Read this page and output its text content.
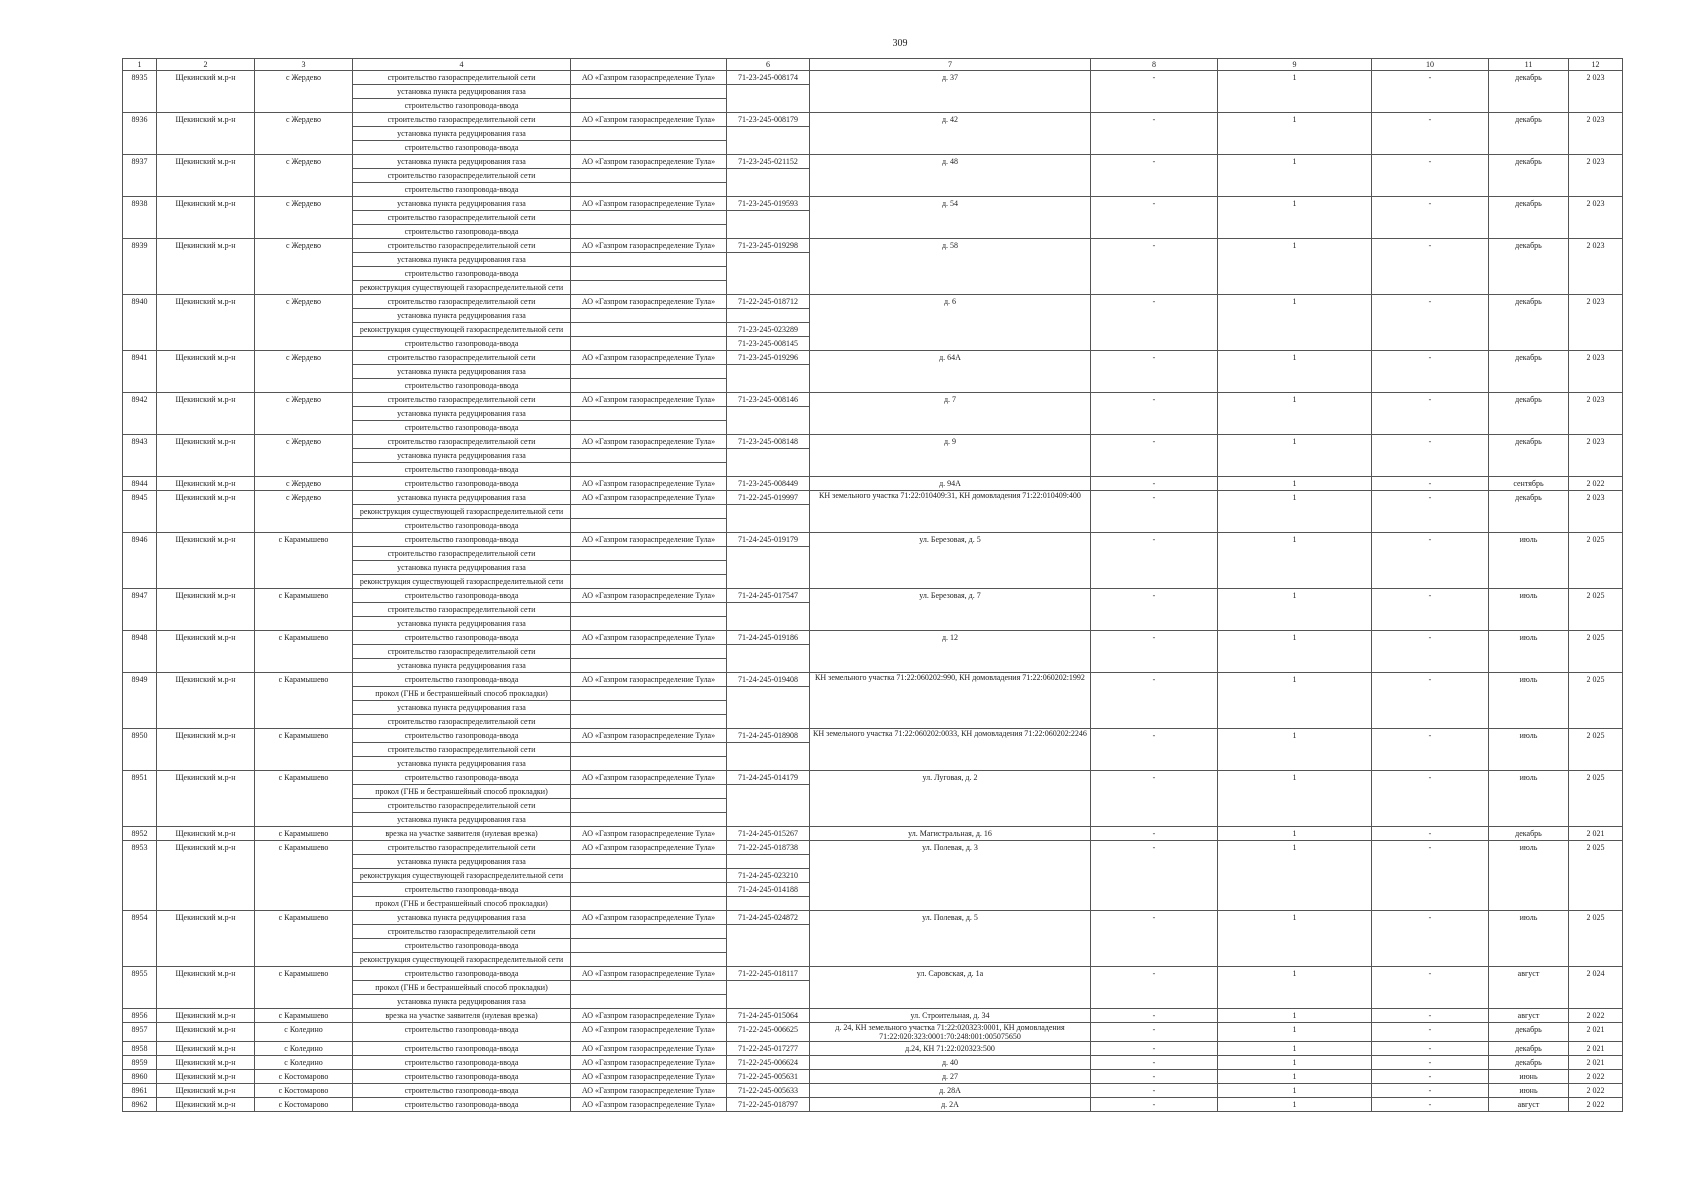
309
1	2	3	4		6	7	8	9	10	11	12
8935	Щекинский м.р-н	с Жердево	строительство газораспределительной сети	АО «Газпром газораспределение Тула»	71-23-245-008174	д. 37	-	1	-	декабрь	2 023
			установка пункта редуцирования газа								
			строительство газопровода-ввода								
8936	Щекинский м.р-н	с Жердево	строительство газораспределительной сети	АО «Газпром газораспределение Тула»	71-23-245-008179	д. 42	-	1	-	декабрь	2 023
			установка пункта редуцирования газа								
			строительство газопровода-ввода								
8937	Щекинский м.р-н	с Жердево	установка пункта редуцирования газа	АО «Газпром газораспределение Тула»	71-23-245-021152	д. 48	-	1	-	декабрь	2 023
			строительство газораспределительной сети								
			строительство газопровода-ввода								
8938	Щекинский м.р-н	с Жердево	установка пункта редуцирования газа	АО «Газпром газораспределение Тула»	71-23-245-019593	д. 54	-	1	-	декабрь	2 023
			строительство газораспределительной сети								
			строительство газопровода-ввода								
8939	Щекинский м.р-н	с Жердево	строительство газораспределительной сети	АО «Газпром газораспределение Тула»	71-23-245-019298	д. 58	-	1	-	декабрь	2 023
			установка пункта редуцирования газа								
			строительство газопровода-ввода								
			реконструкция существующей газораспределительной сети								
8940	Щекинский м.р-н	с Жердево	строительство газораспределительной сети	АО «Газпром газораспределение Тула»	71-22-245-018712	д. 6	-	1	-	декабрь	2 023
			установка пункта редуцирования газа								
			реконструкция существующей газораспределительной сети		71-23-245-023289						
			строительство газопровода-ввода		71-23-245-008145						
8941	Щекинский м.р-н	с Жердево	строительство газораспределительной сети	АО «Газпром газораспределение Тула»	71-23-245-019296	д. 64А	-	1	-	декабрь	2 023
			установка пункта редуцирования газа								
			строительство газопровода-ввода								
8942	Щекинский м.р-н	с Жердево	строительство газораспределительной сети	АО «Газпром газораспределение Тула»	71-23-245-008146	д. 7	-	1	-	декабрь	2 023
			установка пункта редуцирования газа								
			строительство газопровода-ввода								
8943	Щекинский м.р-н	с Жердево	строительство газораспределительной сети	АО «Газпром газораспределение Тула»	71-23-245-008148	д. 9	-	1	-	декабрь	2 023
			установка пункта редуцирования газа								
			строительство газопровода-ввода								
8944	Щекинский м.р-н	с Жердево	строительство газопровода-ввода	АО «Газпром газораспределение Тула»	71-23-245-008449	д. 94А	-	1	-	сентябрь	2 022
8945	Щекинский м.р-н	с Жердево	установка пункта редуцирования газа	АО «Газпром газораспределение Тула»	71-22-245-019997	КН земельного участка 71:22:010409:31, КН домовладения 71:22:010409:400	-	1	-	декабрь	2 023
			реконструкция существующей газораспределительной сети								
			строительство газопровода-ввода								
8946	Щекинский м.р-н	с Карамышево	строительство газопровода-ввода	АО «Газпром газораспределение Тула»	71-24-245-019179	ул. Березовая, д. 5	-	1	-	июль	2 025
			строительство газораспределительной сети								
			установка пункта редуцирования газа								
			реконструкция существующей газораспределительной сети								
8947	Щекинский м.р-н	с Карамышево	строительство газопровода-ввода	АО «Газпром газораспределение Тула»	71-24-245-017547	ул. Березовая, д. 7	-	1	-	июль	2 025
			строительство газораспределительной сети								
			установка пункта редуцирования газа								
8948	Щекинский м.р-н	с Карамышево	строительство газопровода-ввода	АО «Газпром газораспределение Тула»	71-24-245-019186	д. 12	-	1	-	июль	2 025
			строительство газораспределительной сети								
			установка пункта редуцирования газа								
8949	Щекинский м.р-н	с Карамышево	строительство газопровода-ввода	АО «Газпром газораспределение Тула»	71-24-245-019408	КН земельного участка 71:22:060202:990, КН домовладения 71:22:060202:1992	-	1	-	июль	2 025
			прокол (ГНБ и бестраншейный способ прокладки)								
			установка пункта редуцирования газа								
			строительство газораспределительной сети								
8950	Щекинский м.р-н	с Карамышево	строительство газопровода-ввода	АО «Газпром газораспределение Тула»	71-24-245-018908	КН земельного участка 71:22:060202:0033, КН домовладения 71:22:060202:2246	-	1	-	июль	2 025
			строительство газораспределительной сети								
			установка пункта редуцирования газа								
8951	Щекинский м.р-н	с Карамышево	строительство газопровода-ввода	АО «Газпром газораспределение Тула»	71-24-245-014179	ул. Луговая, д. 2	-	1	-	июль	2 025
			прокол (ГНБ и бестраншейный способ прокладки)								
			строительство газораспределительной сети								
			установка пункта редуцирования газа								
8952	Щекинский м.р-н	с Карамышево	врезка на участке заявителя (нулевая врезка)	АО «Газпром газораспределение Тула»	71-24-245-015267	ул. Магистральная, д. 16	-	1	-	декабрь	2 021
8953	Щекинский м.р-н	с Карамышево	строительство газораспределительной сети	АО «Газпром газораспределение Тула»	71-22-245-018738	ул. Полевая, д. 3	-	1	-	июль	2 025
			установка пункта редуцирования газа								
			реконструкция существующей газораспределительной сети		71-24-245-023210						
			строительство газопровода-ввода		71-24-245-014188						
			прокол (ГНБ и бестраншейный способ прокладки)								
8954	Щекинский м.р-н	с Карамышево	установка пункта редуцирования газа	АО «Газпром газораспределение Тула»	71-24-245-024872	ул. Полевая, д. 5	-	1	-	июль	2 025
			строительство газораспределительной сети								
			строительство газопровода-ввода								
			реконструкция существующей газораспределительной сети								
8955	Щекинский м.р-н	с Карамышево	строительство газопровода-ввода	АО «Газпром газораспределение Тула»	71-22-245-018117	ул. Саровская, д. 1а	-	1	-	август	2 024
			прокол (ГНБ и бестраншейный способ прокладки)								
			установка пункта редуцирования газа								
8956	Щекинский м.р-н	с Карамышево	врезка на участке заявителя (нулевая врезка)	АО «Газпром газораспределение Тула»	71-24-245-015064	ул. Строительная, д. 34	-	1	-	август	2 022
8957	Щекинский м.р-н	с Коледино	строительство газопровода-ввода	АО «Газпром газораспределение Тула»	71-22-245-006625	д. 24, КН земельного участка 71:22:020323:0001, КН домовладения 71:22:020:323:0001:70:248:001:005075650	-	1	-	декабрь	2 021
8958	Щекинский м.р-н	с Коледино	строительство газопровода-ввода	АО «Газпром газораспределение Тула»	71-22-245-017277	д.24, КН 71:22:020323:500	-	1	-	декабрь	2 021
8959	Щекинский м.р-н	с Коледино	строительство газопровода-ввода	АО «Газпром газораспределение Тула»	71-22-245-006624	д. 40	-	1	-	декабрь	2 021
8960	Щекинский м.р-н	с Костомарово	строительство газопровода-ввода	АО «Газпром газораспределение Тула»	71-22-245-005631	д. 27	-	1	-	июнь	2 022
8961	Щекинский м.р-н	с Костомарово	строительство газопровода-ввода	АО «Газпром газораспределение Тула»	71-22-245-005633	д. 28А	-	1	-	июнь	2 022
8962	Щекинский м.р-н	с Костомарово	строительство газопровода-ввода	АО «Газпром газораспределение Тула»	71-22-245-018797	д. 2А	-	1	-	август	2 022
